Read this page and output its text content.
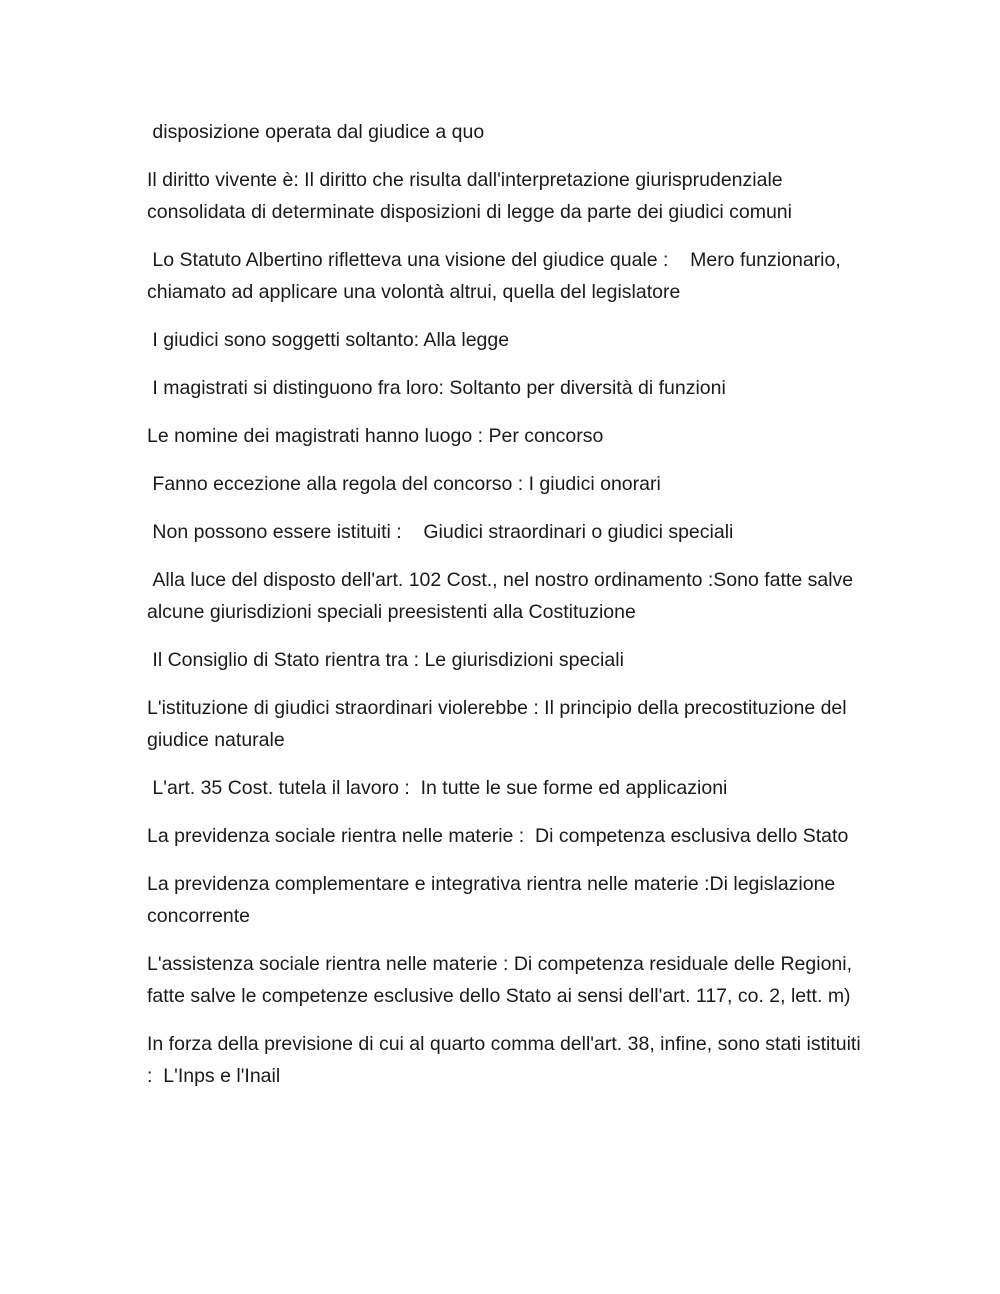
disposizione operata dal giudice a quo

Il diritto vivente è: Il diritto che risulta dall'interpretazione giurisprudenziale consolidata di determinate disposizioni di legge da parte dei giudici comuni

Lo Statuto Albertino rifletteva una visione del giudice quale :    Mero funzionario, chiamato ad applicare una volontà altrui, quella del legislatore

I giudici sono soggetti soltanto: Alla legge

I magistrati si distinguono fra loro: Soltanto per diversità di funzioni

Le nomine dei magistrati hanno luogo : Per concorso

Fanno eccezione alla regola del concorso : I giudici onorari

Non possono essere istituiti :    Giudici straordinari o giudici speciali

Alla luce del disposto dell'art. 102 Cost., nel nostro ordinamento :Sono fatte salve alcune giurisdizioni speciali preesistenti alla Costituzione

Il Consiglio di Stato rientra tra : Le giurisdizioni speciali

L'istituzione di giudici straordinari violerebbe : Il principio della precostituzione del giudice naturale

L'art. 35 Cost. tutela il lavoro :  In tutte le sue forme ed applicazioni

La previdenza sociale rientra nelle materie :  Di competenza esclusiva dello Stato

La previdenza complementare e integrativa rientra nelle materie :Di legislazione concorrente

L'assistenza sociale rientra nelle materie : Di competenza residuale delle Regioni, fatte salve le competenze esclusive dello Stato ai sensi dell'art. 117, co. 2, lett. m)

In forza della previsione di cui al quarto comma dell'art. 38, infine, sono stati istituiti :  L'Inps e l'Inail
